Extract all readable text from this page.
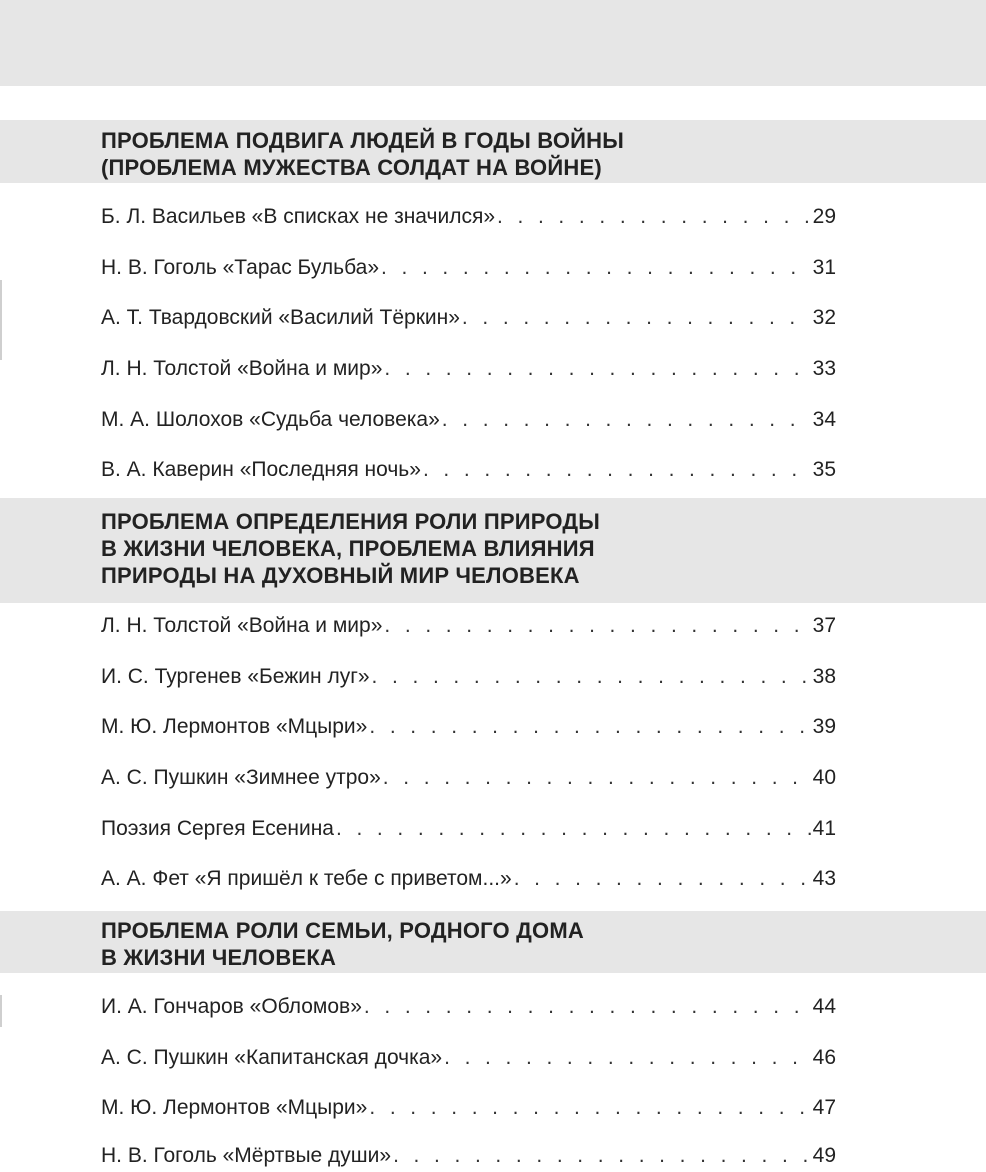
ПРОБЛЕМА ПОДВИГА ЛЮДЕЙ В ГОДЫ ВОЙНЫ
(ПРОБЛЕМА МУЖЕСТВА СОЛДАТ НА ВОЙНЕ)

Б. Л. Васильев «В списках не значился» . . .	29
Н. В. Гоголь «Тарас Бульба» . . .	31
А. Т. Твардовский «Василий Тёркин» . . .	32
Л. Н. Толстой «Война и мир» . . .	33
М. А. Шолохов «Судьба человека» . . .	34
В. А. Каверин «Последняя ночь» . . .	35

ПРОБЛЕМА ОПРЕДЕЛЕНИЯ РОЛИ ПРИРОДЫ
В ЖИЗНИ ЧЕЛОВЕКА, ПРОБЛЕМА ВЛИЯНИЯ
ПРИРОДЫ НА ДУХОВНЫЙ МИР ЧЕЛОВЕКА

Л. Н. Толстой «Война и мир» . . .	37
И. С. Тургенев «Бежин луг» . . .	38
М. Ю. Лермонтов «Мцыри» . . .	39
А. С. Пушкин «Зимнее утро» . . .	40
Поэзия Сергея Есенина . . .	41
А. А. Фет «Я пришёл к тебе с приветом...» . . .	43

ПРОБЛЕМА РОЛИ СЕМЬИ, РОДНОГО ДОМА
В ЖИЗНИ ЧЕЛОВЕКА

И. А. Гончаров «Обломов» . . .	44
А. С. Пушкин «Капитанская дочка» . . .	46
М. Ю. Лермонтов «Мцыри» . . .	47
Н. В. Гоголь «Мёртвые души» . . .	49
